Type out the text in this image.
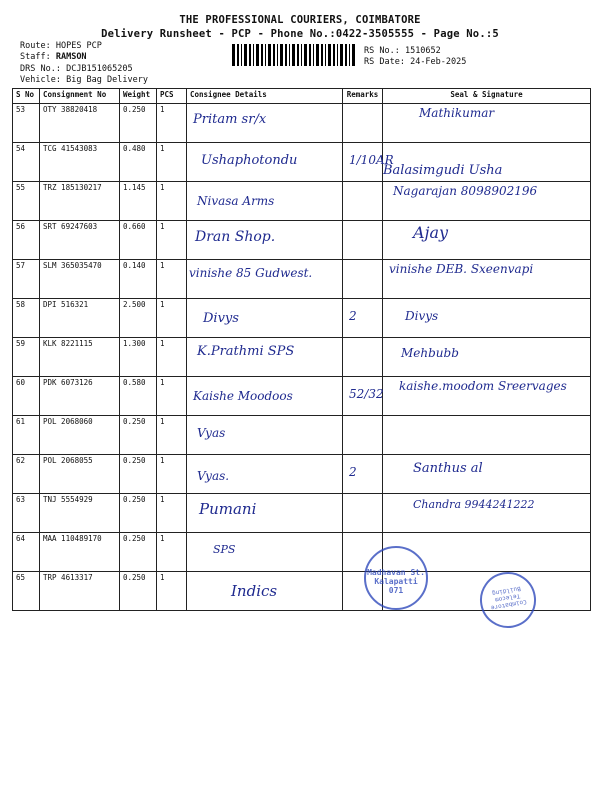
THE PROFESSIONAL COURIERS, COIMBATORE
Delivery Runsheet - PCP - Phone No.:0422-3505555 - Page No.:5
Route: HOPES PCP
Staff: RAMSON
DRS No.: DCJB151065205
Vehicle: Big Bag Delivery
RS No.: 1510652
RS Date: 24-Feb-2025
S No	Consignment No	Weight	PCS	Consignee Details	Remarks	Seal & Signature
53	OTY 38820418	0.250	1	Pritam sr/x		Mathikumar

54	TCG 41543083	0.480	1	Ushaphotondu	1/10AR	Balasimgudi Usha

55	TRZ 185130217	1.145	1	Nivasa Arms		Nagarajan 8098902196

56	SRT 69247603	0.660	1	Dran Shop.		Ajay

57	SLM 365035470	0.140	1	vinishe 85 Gudwest.		vinishe DEB. Sxeenvapi

58	DPI 516321	2.500	1	Divys	2	Divys

59	KLK 8221115	1.300	1	K.Prathmi SPS		Mehbubb

60	PDK 6073126	0.580	1	Kaishe Moodoos	52/32	kaishe.moodom Sreervages

61	POL 2068060	0.250	1	Vyas		

62	POL 2068055	0.250	1	Vyas.	2	Santhus al

63	TNJ 5554929	0.250	1	Pumani		Chandra 9944241222

64	MAA 110489170	0.250	1	SPS		

65	TRP 4613317	0.250	1	Indics		

Madhavan St. Kalapatti 071
Coimbatore Telecom Building
